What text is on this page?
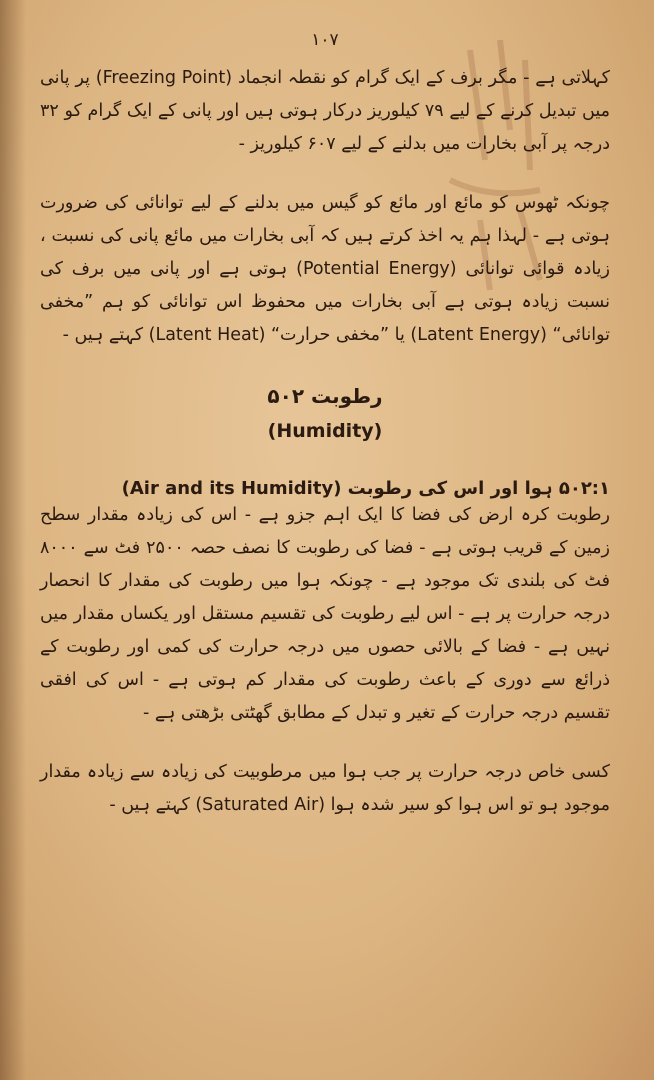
۱۰۷

کہلاتی ہے - مگر برف کے ایک گرام کو نقطہ انجماد (Freezing Point) پر پانی میں تبدیل کرنے کے لیے ۷۹ کیلوریز درکار ہوتی ہیں اور پانی کے ایک گرام کو ۳۲ درجہ پر آبی بخارات میں بدلنے کے لیے ۶۰۷ کیلوریز -

چونکہ ٹھوس کو مائع اور مائع کو گیس میں بدلنے کے لیے توانائی کی ضرورت ہوتی ہے - لہذا ہم یہ اخذ کرتے ہیں کہ آبی بخارات میں مائع پانی کی نسبت ، زیادہ قوائی توانائی (Potential Energy) ہوتی ہے اور پانی میں برف کی نسبت زیادہ ہوتی ہے آبی بخارات میں محفوظ اس توانائی کو ہم ”مخفی توانائی“ (Latent Energy) یا ”مخفی حرارت“ (Latent Heat) کہتے ہیں -

۵۰۲ رطوبت
(Humidity)
۵۰۲:۱ ہوا اور اس کی رطوبت (Air and its Humidity)

رطوبت کرہ ارض کی فضا کا ایک اہم جزو ہے - اس کی زیادہ مقدار سطح زمین کے قریب ہوتی ہے - فضا کی رطوبت کا نصف حصہ ۲۵۰۰ فٹ سے ۸۰۰۰ فٹ کی بلندی تک موجود ہے - چونکہ ہوا میں رطوبت کی مقدار کا انحصار درجہ حرارت پر ہے - اس لیے رطوبت کی تقسیم مستقل اور یکساں مقدار میں نہیں ہے - فضا کے بالائی حصوں میں درجہ حرارت کی کمی اور رطوبت کے ذرائع سے دوری کے باعث رطوبت کی مقدار کم ہوتی ہے - اس کی افقی تقسیم درجہ حرارت کے تغیر و تبدل کے مطابق گھٹتی بڑھتی ہے -

کسی خاص درجہ حرارت پر جب ہوا میں مرطوبیت کی زیادہ سے زیادہ مقدار موجود ہو تو اس ہوا کو سیر شدہ ہوا (Saturated Air) کہتے ہیں -
